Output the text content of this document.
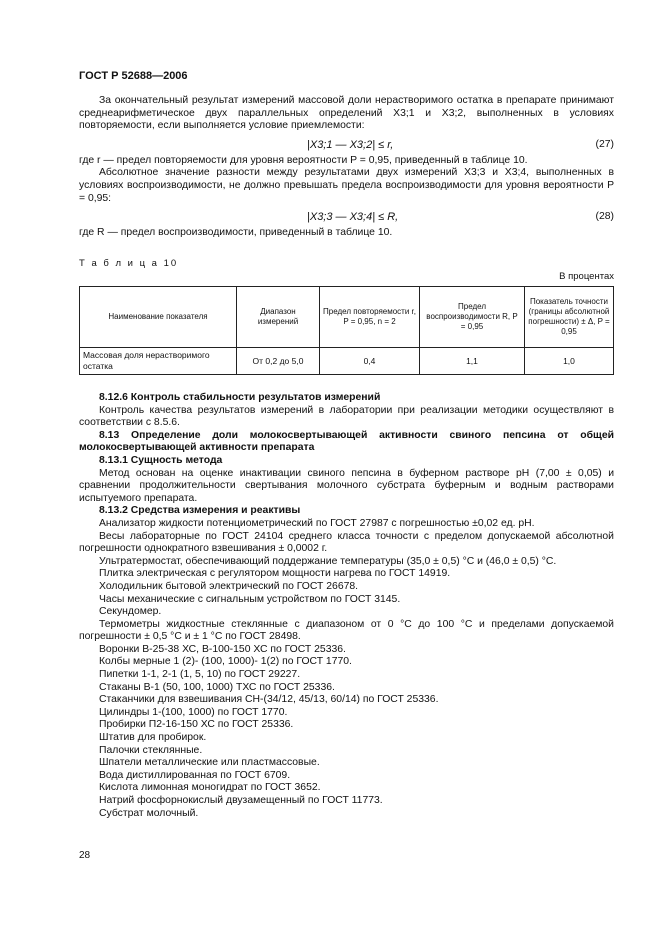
ГОСТ Р 52688—2006

За окончательный результат измерений массовой доли нерастворимого остатка в препарате принимают среднеарифметическое двух параллельных определений X3;1 и X3;2, выполненных в условиях повторяемости, если выполняется условие приемлемости:

|X3;1 — X3;2| ≤ r,	(27)

где r — предел повторяемости для уровня вероятности P = 0,95, приведенный в таблице 10.

Абсолютное значение разности между результатами двух измерений X3;3 и X3;4, выполненных в условиях воспроизводимости, не должно превышать предела воспроизводимости для уровня вероятности P = 0,95:

|X3;3 — X3;4| ≤ R,	(28)

где R — предел воспроизводимости, приведенный в таблице 10.

Т а б л и ц а 10
В процентах
Наименование показателя	Диапазон измерений	Предел повторяемости r, P = 0,95, n = 2	Предел воспроизводимости R, P = 0,95	Показатель точности (границы абсолютной погрешности) ± Δ, P = 0,95
Массовая доля нерастворимого остатка	От 0,2 до 5,0	0,4	1,1	1,0

8.12.6 Контроль стабильности результатов измерений

Контроль качества результатов измерений в лаборатории при реализации методики осуществляют в соответствии с 8.5.6.

8.13 Определение доли молокосвертывающей активности свиного пепсина от общей молокосвертывающей активности препарата

8.13.1 Сущность метода

Метод основан на оценке инактивации свиного пепсина в буферном растворе pH (7,00 ± 0,05) и сравнении продолжительности свертывания молочного субстрата буферным и водным растворами испытуемого препарата.

8.13.2 Средства измерения и реактивы

Анализатор жидкости потенциометрический по ГОСТ 27987 с погрешностью ±0,02 ед. pH.

Весы лабораторные по ГОСТ 24104 среднего класса точности с пределом допускаемой абсолютной погрешности однократного взвешивания ± 0,0002 г.

Ультратермостат, обеспечивающий поддержание температуры (35,0 ± 0,5) °С и (46,0 ± 0,5) °С.

Плитка электрическая с регулятором мощности нагрева по ГОСТ 14919.

Холодильник бытовой электрический по ГОСТ 26678.

Часы механические с сигнальным устройством по ГОСТ 3145.

Секундомер.

Термометры жидкостные стеклянные с диапазоном от 0 °С до 100 °С и пределами допускаемой погрешности ± 0,5 °С и ± 1 °С по ГОСТ 28498.

Воронки В-25-38 ХС, В-100-150 ХС по ГОСТ 25336.

Колбы мерные 1 (2)- (100, 1000)- 1(2) по ГОСТ 1770.

Пипетки 1-1, 2-1 (1, 5, 10) по ГОСТ 29227.

Стаканы В-1 (50, 100, 1000) ТХС по ГОСТ 25336.

Стаканчики для взвешивания СН-(34/12, 45/13, 60/14) по ГОСТ 25336.

Цилиндры 1-(100, 1000) по ГОСТ 1770.

Пробирки П2-16-150 ХС по ГОСТ 25336.

Штатив для пробирок.

Палочки стеклянные.

Шпатели металлические или пластмассовые.

Вода дистиллированная по ГОСТ 6709.

Кислота лимонная моногидрат по ГОСТ 3652.

Натрий фосфорнокислый двузамещенный по ГОСТ 11773.

Субстрат молочный.

28
